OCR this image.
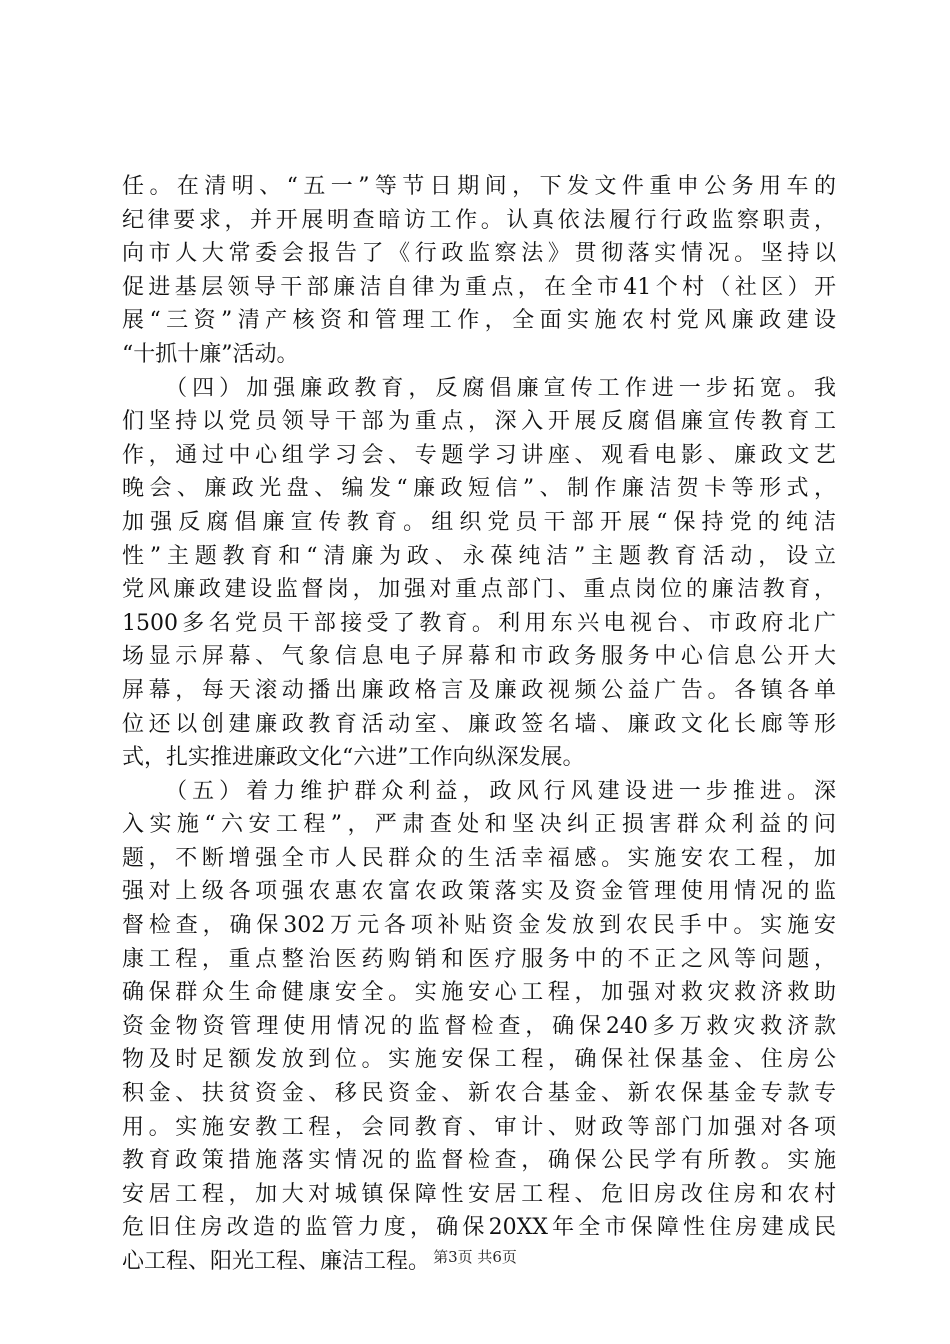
任。在清明、“五一”等节日期间，下发文件重申公务用车的
纪律要求，并开展明查暗访工作。认真依法履行行政监察职责，
向市人大常委会报告了《行政监察法》贯彻落实情况。坚持以
促进基层领导干部廉洁自律为重点，在全市41个村（社区）开
展“三资”清产核资和管理工作，全面实施农村党风廉政建设
“十抓十廉”活动。
　　（四）加强廉政教育，反腐倡廉宣传工作进一步拓宽。我
们坚持以党员领导干部为重点，深入开展反腐倡廉宣传教育工
作，通过中心组学习会、专题学习讲座、观看电影、廉政文艺
晚会、廉政光盘、编发“廉政短信”、制作廉洁贺卡等形式，
加强反腐倡廉宣传教育。组织党员干部开展“保持党的纯洁
性”主题教育和“清廉为政、永葆纯洁”主题教育活动，设立
党风廉政建设监督岗，加强对重点部门、重点岗位的廉洁教育，
1500多名党员干部接受了教育。利用东兴电视台、市政府北广
场显示屏幕、气象信息电子屏幕和市政务服务中心信息公开大
屏幕，每天滚动播出廉政格言及廉政视频公益广告。各镇各单
位还以创建廉政教育活动室、廉政签名墙、廉政文化长廊等形
式，扎实推进廉政文化“六进”工作向纵深发展。
　　（五）着力维护群众利益，政风行风建设进一步推进。深
入实施“六安工程”，严肃查处和坚决纠正损害群众利益的问
题，不断增强全市人民群众的生活幸福感。实施安农工程，加
强对上级各项强农惠农富农政策落实及资金管理使用情况的监
督检查，确保302万元各项补贴资金发放到农民手中。实施安
康工程，重点整治医药购销和医疗服务中的不正之风等问题，
确保群众生命健康安全。实施安心工程，加强对救灾救济救助
资金物资管理使用情况的监督检查，确保240多万救灾救济款
物及时足额发放到位。实施安保工程，确保社保基金、住房公
积金、扶贫资金、移民资金、新农合基金、新农保基金专款专
用。实施安教工程，会同教育、审计、财政等部门加强对各项
教育政策措施落实情况的监督检查，确保公民学有所教。实施
安居工程，加大对城镇保障性安居工程、危旧房改住房和农村
危旧住房改造的监管力度，确保20XX年全市保障性住房建成民
心工程、阳光工程、廉洁工程。 第3页 共6页
